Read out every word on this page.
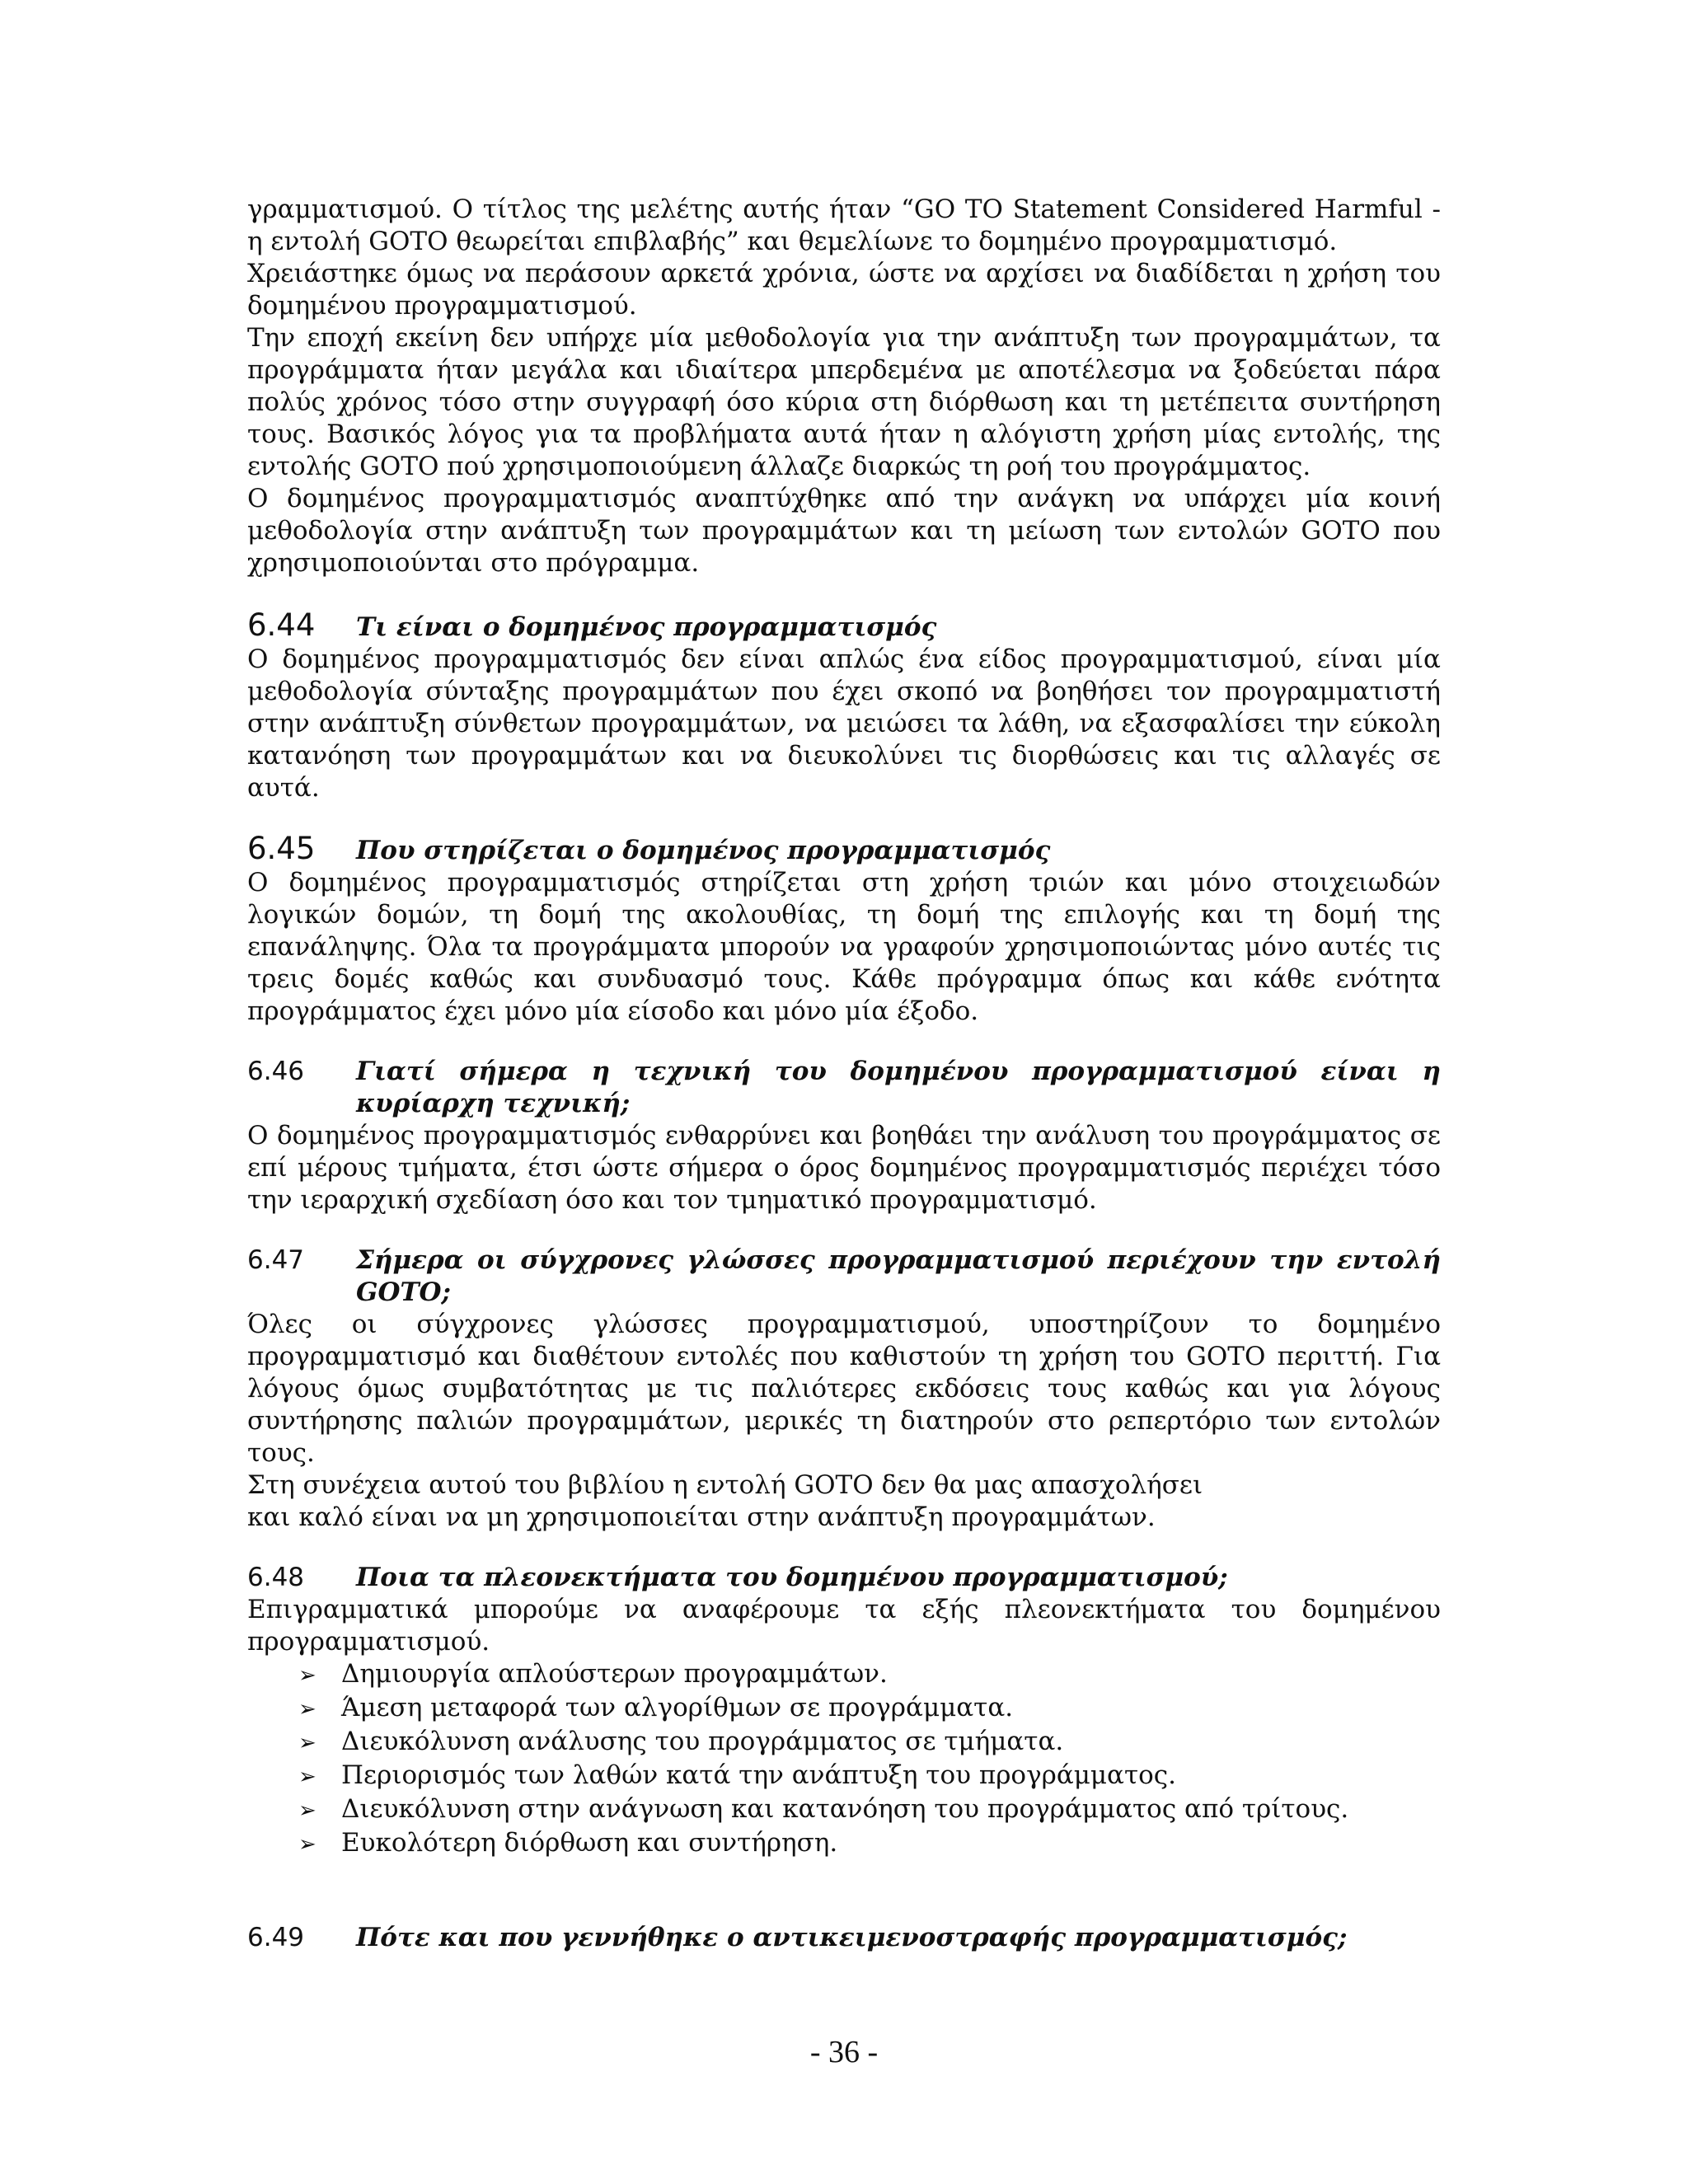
γραμματισμού. Ο τίτλος της μελέτης αυτής ήταν “GO TO Statement Considered Harmful - η εντολή GOTO θεωρείται επιβλαβής” και θεμελίωνε το δομημένο προγραμματισμό.

Χρειάστηκε όμως να περάσουν αρκετά χρόνια, ώστε να αρχίσει να διαδίδεται η χρήση του δομημένου προγραμματισμού.

Την εποχή εκείνη δεν υπήρχε μία μεθοδολογία για την ανάπτυξη των προγραμμάτων, τα προγράμματα ήταν μεγάλα και ιδιαίτερα μπερδεμένα με αποτέλεσμα να ξοδεύεται πάρα πολύς χρόνος τόσο στην συγγραφή όσο κύρια στη διόρθωση και τη μετέπειτα συντήρηση τους. Βασικός λόγος για τα προβλήματα αυτά ήταν η αλόγιστη χρήση μίας εντολής, της εντολής GOTO πού χρησιμοποιούμενη άλλαζε διαρκώς τη ροή του προγράμματος.

Ο δομημένος προγραμματισμός αναπτύχθηκε από την ανάγκη να υπάρχει μία κοινή μεθοδολογία στην ανάπτυξη των προγραμμάτων και τη μείωση των εντολών GOTO που χρησιμοποιούνται στο πρόγραμμα.

6.44	Τι είναι ο δομημένος προγραμματισμός

Ο δομημένος προγραμματισμός δεν είναι απλώς ένα είδος προγραμματισμού, είναι μία μεθοδολογία σύνταξης προγραμμάτων που έχει σκοπό να βοηθήσει τον προγραμματιστή στην ανάπτυξη σύνθετων προγραμμάτων, να μειώσει τα λάθη, να εξασφαλίσει την εύκολη κατανόηση των προγραμμάτων και να διευκολύνει τις διορθώσεις και τις αλλαγές σε αυτά.

6.45	Που στηρίζεται ο δομημένος προγραμματισμός

Ο δομημένος προγραμματισμός στηρίζεται στη χρήση τριών και μόνο στοιχειωδών λογικών δομών, τη δομή της ακολουθίας, τη δομή της επιλογής και τη δομή της επανάληψης. Όλα τα προγράμματα μπορούν να γραφούν χρησιμοποιώντας μόνο αυτές τις τρεις δομές καθώς και συνδυασμό τους. Κάθε πρόγραμμα όπως και κάθε ενότητα προγράμματος έχει μόνο μία είσοδο και μόνο μία έξοδο.

6.46	Γιατί σήμερα η τεχνική του δομημένου προγραμματισμού είναι η κυρίαρχη τεχνική;

Ο δομημένος προγραμματισμός ενθαρρύνει και βοηθάει την ανάλυση του προγράμματος σε επί μέρους τμήματα, έτσι ώστε σήμερα ο όρος δομημένος προγραμματισμός περιέχει τόσο την ιεραρχική σχεδίαση όσο και τον τμηματικό προγραμματισμό.

6.47	Σήμερα οι σύγχρονες γλώσσες προγραμματισμού περιέχουν την εντολή GOTO;

Όλες οι σύγχρονες γλώσσες προγραμματισμού, υποστηρίζουν το δομημένο προγραμματισμό και διαθέτουν εντολές που καθιστούν τη χρήση του GOTO περιττή. Για λόγους όμως συμβατότητας με τις παλιότερες εκδόσεις τους καθώς και για λόγους συντήρησης παλιών προγραμμάτων, μερικές τη διατηρούν στο ρεπερτόριο των εντολών τους.

Στη συνέχεια αυτού του βιβλίου η εντολή GOTO δεν θα μας απασχολήσει

και καλό είναι να μη χρησιμοποιείται στην ανάπτυξη προγραμμάτων.

6.48	Ποια τα πλεονεκτήματα του δομημένου προγραμματισμού;

Επιγραμματικά μπορούμε να αναφέρουμε τα εξής πλεονεκτήματα του δομημένου προγραμματισμού.

➢ Δημιουργία απλούστερων προγραμμάτων.
➢ Άμεση μεταφορά των αλγορίθμων σε προγράμματα.
➢ Διευκόλυνση ανάλυσης του προγράμματος σε τμήματα.
➢ Περιορισμός των λαθών κατά την ανάπτυξη του προγράμματος.
➢ Διευκόλυνση στην ανάγνωση και κατανόηση του προγράμματος από τρίτους.
➢ Ευκολότερη διόρθωση και συντήρηση.
6.49	Πότε και που γεννήθηκε ο αντικειμενοστραφής προγραμματισμός;
- 36 -
